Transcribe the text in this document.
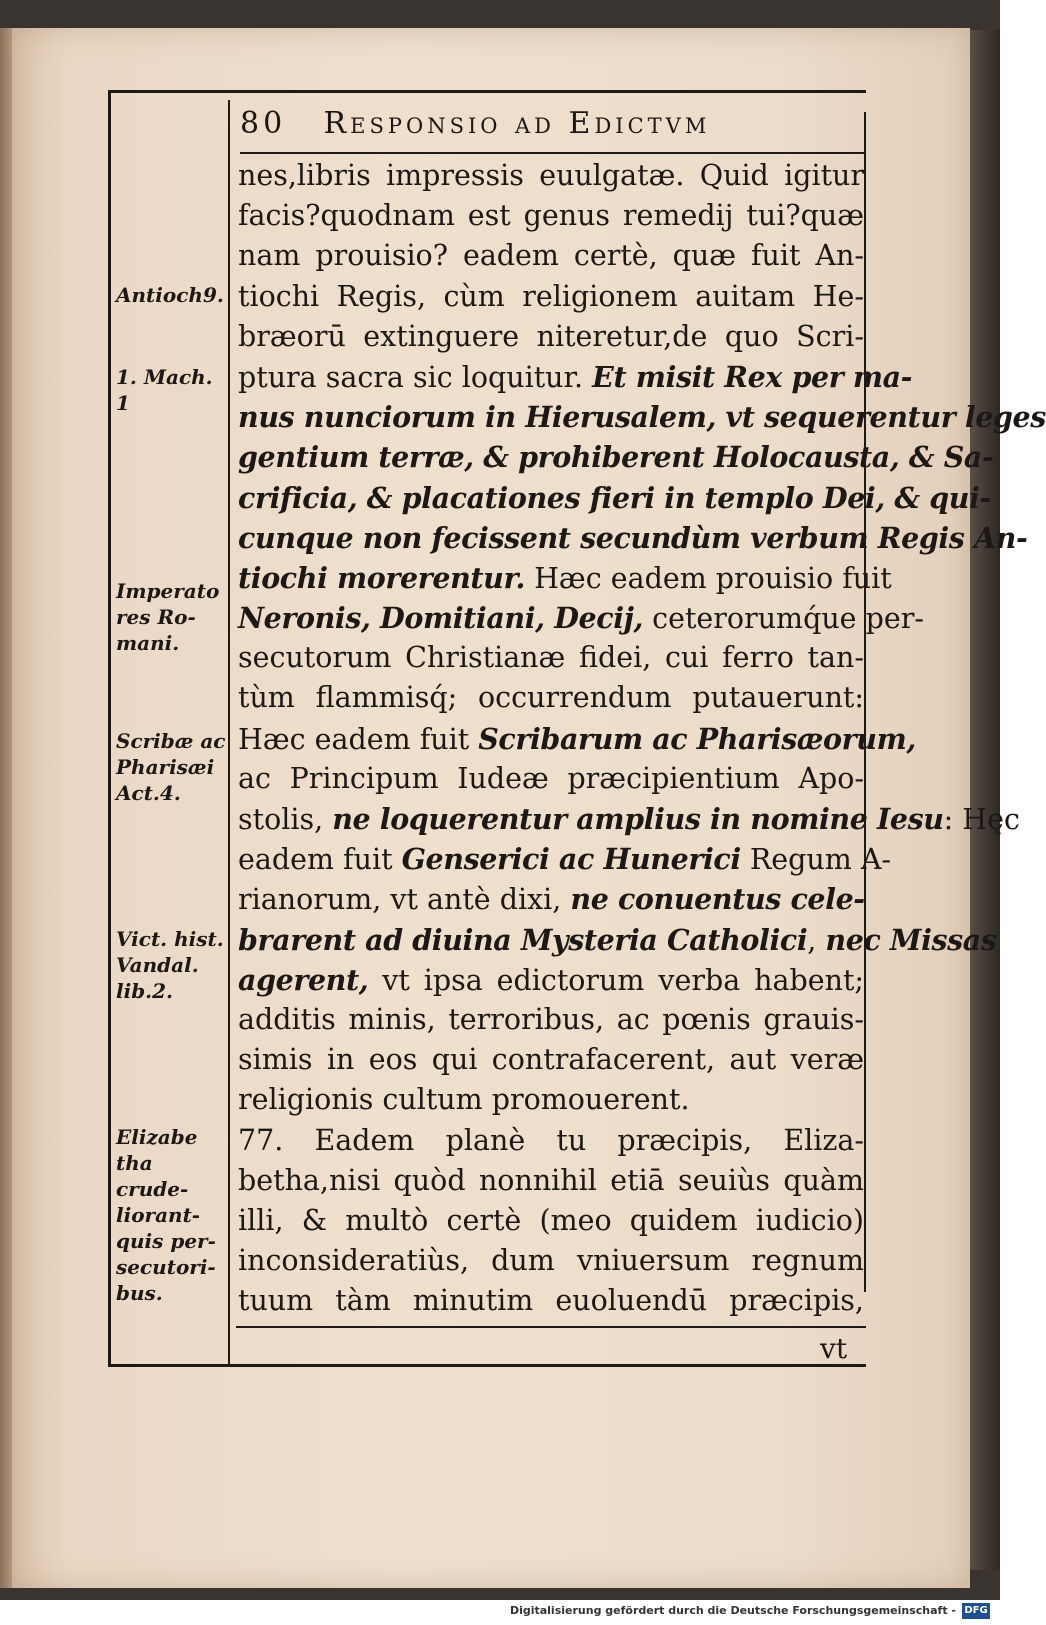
80 Responsio ad Edictvm
Antioch9.
1. Mach. 1
Imperato res Ro- mani.
Scribæ ac Pharisæi Act.4.
Vict. hist. Vandal. lib.2.
Elizabe tha crude- liorant- quis per- secutori- bus.
nes,libris impressis euulgatæ. Quid igitur
facis?quodnam est genus remedij tui?quæ
nam prouisio? eadem certè, quæ fuit An-
tiochi Regis, cùm religionem auitam He-
bræorū extinguere niteretur,de quo Scri-
ptura sacra sic loquitur. Et misit Rex per ma-
nus nunciorum in Hierusalem, vt sequerentur leges
gentium terræ, & prohiberent Holocausta, & Sa-
crificia, & placationes fieri in templo Dei, & qui-
cunque non fecissent secundùm verbum Regis An-
tiochi morerentur. Hæc eadem prouisio fuit
Neronis, Domitiani, Decij, ceterorumq́ue per-
secutorum Christianæ fidei, cui ferro tan-
tùm flammisq́; occurrendum putauerunt:
Hæc eadem fuit Scribarum ac Pharisæorum,
ac Principum Iudeæ præcipientium Apo-
stolis, ne loquerentur amplius in nomine Iesu: Hęc
eadem fuit Genserici ac Hunerici Regum A-
rianorum, vt antè dixi, ne conuentus cele-
brarent ad diuina Mysteria Catholici, nec Missas
agerent, vt ipsa edictorum verba habent;
additis minis, terroribus, ac pœnis grauis-
simis in eos qui contrafacerent, aut veræ
religionis cultum promouerent.
77. Eadem planè tu præcipis, Eliza-
betha,nisi quòd nonnihil etiā seuiùs quàm
illi, & multò certè (meo quidem iudicio)
inconsideratiùs, dum vniuersum regnum
tuum tàm minutim euoluendū præcipis,
vt
Digitalisierung gefördert durch die Deutsche Forschungsgemeinschaft - DFG
